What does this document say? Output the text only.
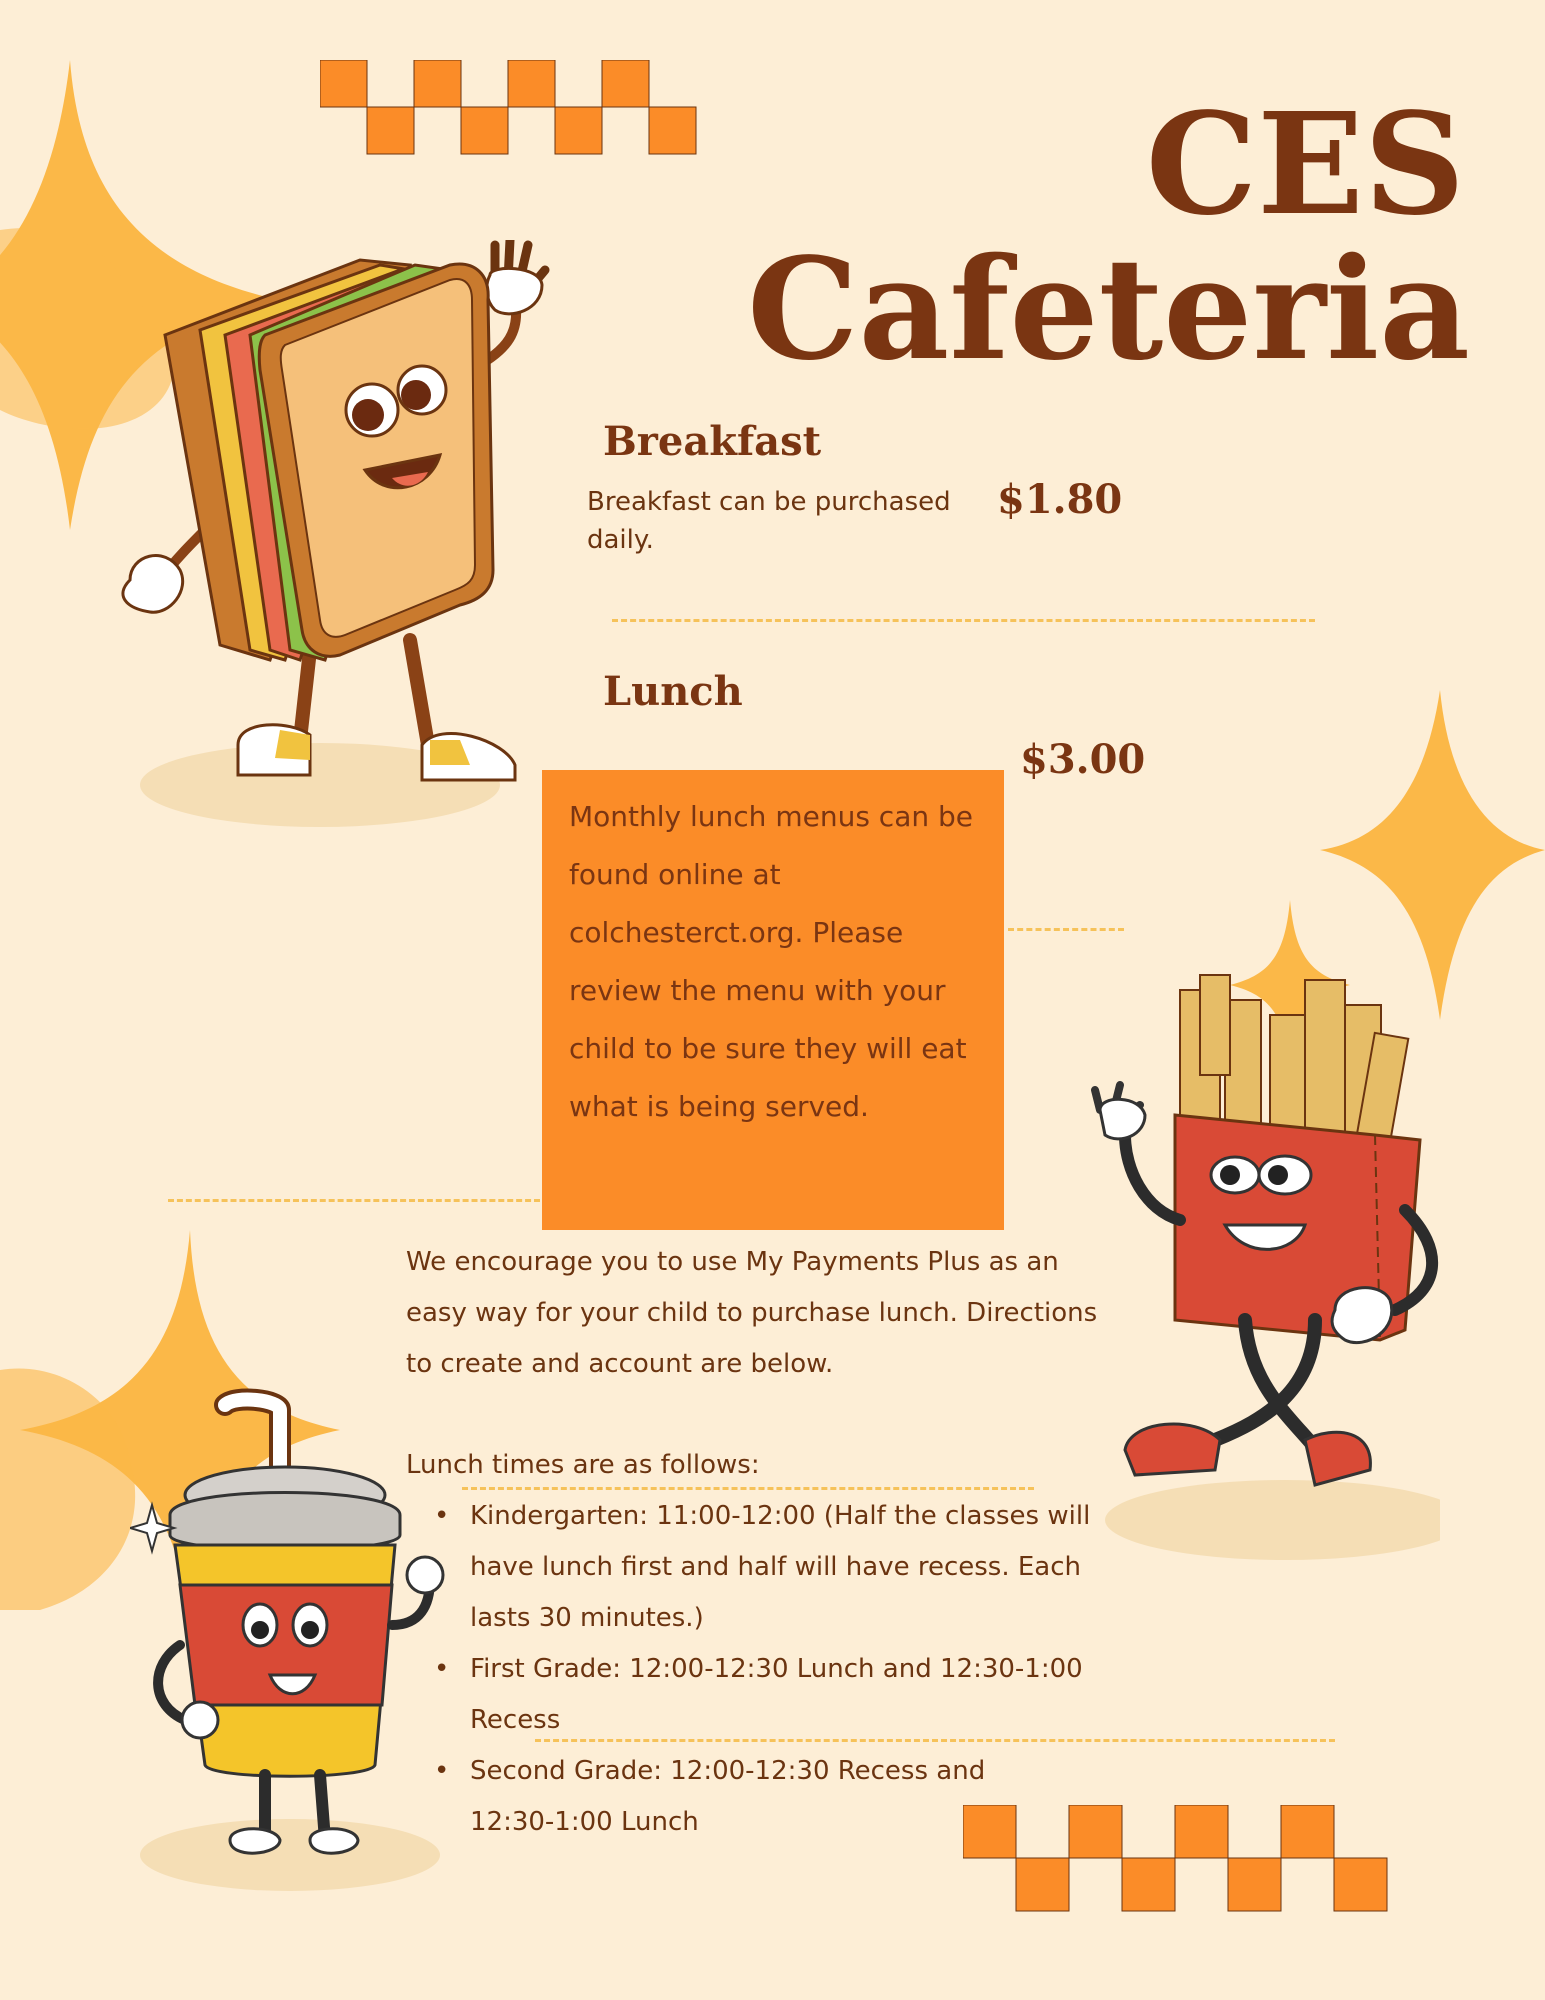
CES
Cafeteria
Breakfast
Breakfast can be purchased daily.
$1.80
Lunch
$3.00

Monthly lunch menus can be found online at colchesterct.org. Please review the menu with your child to be sure they will eat what is being served.

We encourage you to use My Payments Plus as an easy way for your child to purchase lunch. Directions to create and account are below.
Lunch times are as follows:
• Kindergarten: 11:00-12:00 (Half the classes will have lunch first and half will have recess. Each lasts 30 minutes.)
• First Grade: 12:00-12:30 Lunch and 12:30-1:00 Recess
• Second Grade: 12:00-12:30 Recess and 12:30-1:00 Lunch
